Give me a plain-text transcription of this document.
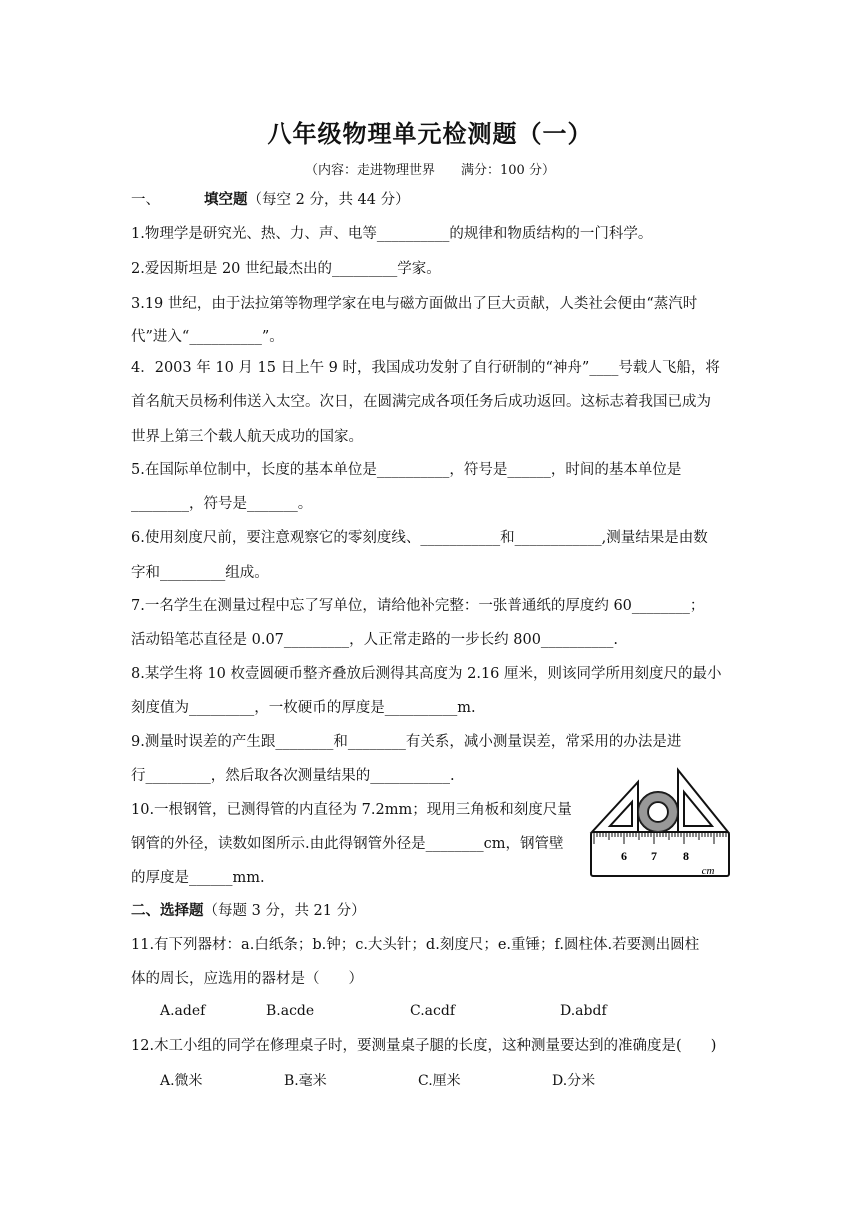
八年级物理单元检测题（一）
（内容：走进物理世界　　满分：100 分）
一、	填空题（每空 2 分，共 44 分）
1.物理学是研究光、热、力、声、电等__________的规律和物质结构的一门科学。
2.爱因斯坦是 20 世纪最杰出的_________学家。
3.19 世纪，由于法拉第等物理学家在电与磁方面做出了巨大贡献，人类社会便由“蒸汽时
代”进入“__________”。
4．2003 年 10 月 15 日上午 9 时，我国成功发射了自行研制的“神舟”____号载人飞船，将
首名航天员杨利伟送入太空。次日，在圆满完成各项任务后成功返回。这标志着我国已成为
世界上第三个载人航天成功的国家。
5.在国际单位制中，长度的基本单位是__________，符号是______，时间的基本单位是
________，符号是_______。
6.使用刻度尺前，要注意观察它的零刻度线、___________和____________,测量结果是由数
字和_________组成。
7.一名学生在测量过程中忘了写单位，请给他补完整：一张普通纸的厚度约 60________；
活动铅笔芯直径是 0.07_________，人正常走路的一步长约 800__________.
8.某学生将 10 枚壹圆硬币整齐叠放后测得其高度为 2.16 厘米，则该同学所用刻度尺的最小
刻度值为_________，一枚硬币的厚度是__________m.
9.测量时误差的产生跟________和________有关系，减小测量误差，常采用的办法是进
行_________，然后取各次测量结果的___________.
10.一根钢管，已测得管的内直径为 7.2mm；现用三角板和刻度尺量
钢管的外径，读数如图所示.由此得钢管外径是________cm，钢管壁
的厚度是______mm.
6 7 8
cm
二、选择题（每题 3 分，共 21 分）
11.有下列器材：a.白纸条；b.钟；c.大头针；d.刻度尺；e.重锤；f.圆柱体.若要测出圆柱
体的周长，应选用的器材是（　　）
A.adef	B.acde	C.acdf	D.abdf
12.木工小组的同学在修理桌子时，要测量桌子腿的长度，这种测量要达到的准确度是(　　)
A.微米	B.毫米	C.厘米	D.分米
